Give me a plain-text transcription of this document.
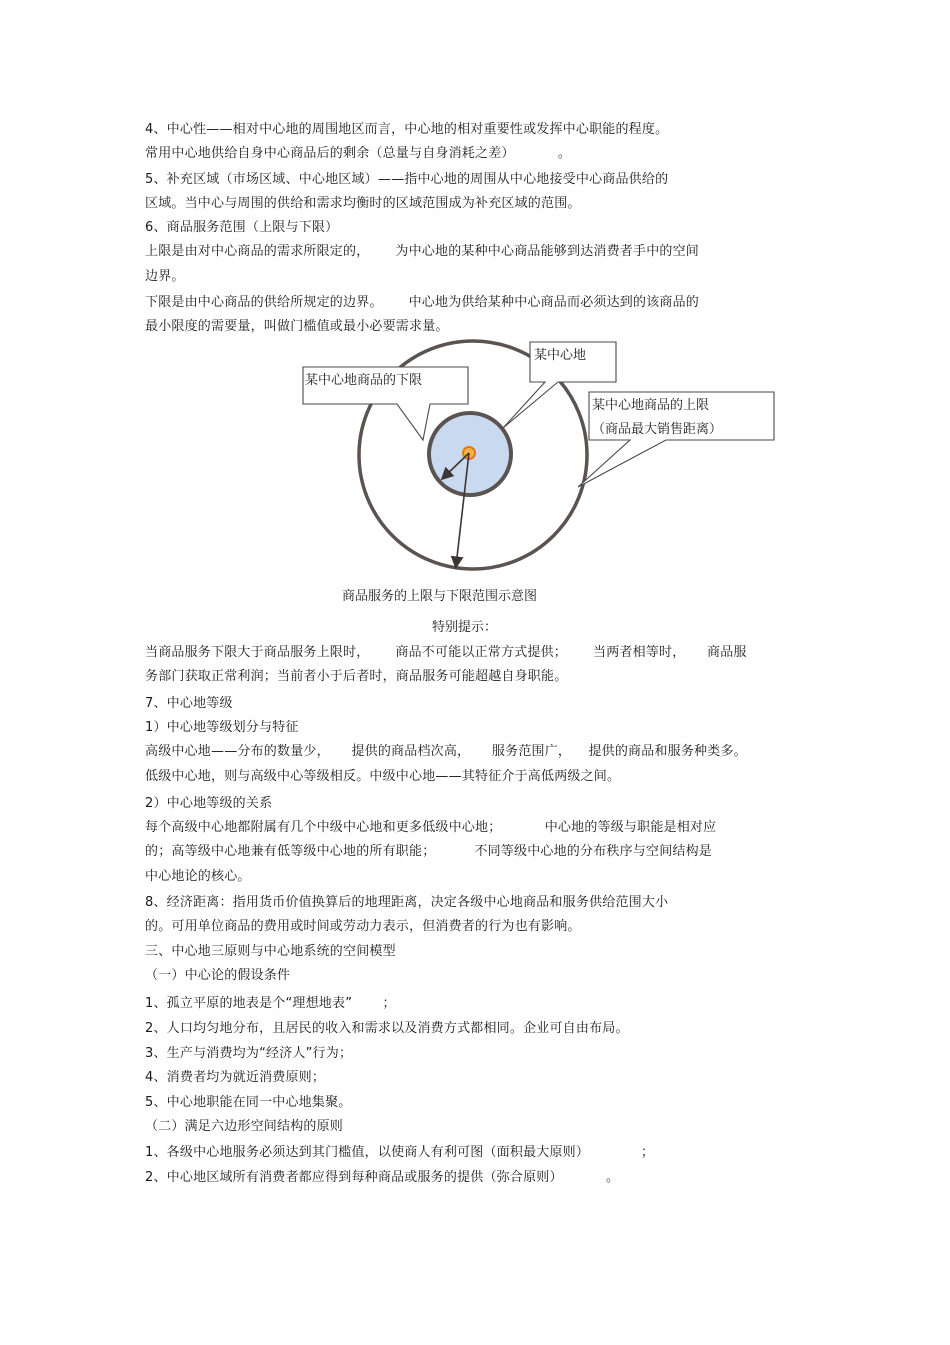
4、中心性——相对中心地的周围地区而言，中心地的相对重要性或发挥中心职能的程度。
常用中心地供给自身中心商品后的剩余（总量与自身消耗之差）          。
5、补充区域（市场区域、中心地区域）——指中心地的周围从中心地接受中心商品供给的
区域。当中心与周围的供给和需求均衡时的区域范围成为补充区域的范围。
6、商品服务范围（上限与下限）
上限是由对中心商品的需求所限定的，      为中心地的某种中心商品能够到达消费者手中的空间
边界。
下限是由中心商品的供给所规定的边界。      中心地为供给某种中心商品而必须达到的该商品的
最小限度的需要量，叫做门槛值或最小必要需求量。
某中心地商品的下限
某中心地
某中心地商品的上限
（商品最大销售距离）
商品服务的上限与下限范围示意图
特别提示：
当商品服务下限大于商品服务上限时，      商品不可能以正常方式提供；      当两者相等时，     商品服
务部门获取正常利润；当前者小于后者时，商品服务可能超越自身职能。
7、中心地等级
1）中心地等级划分与特征
高级中心地——分布的数量少，     提供的商品档次高，     服务范围广，    提供的商品和服务种类多。
低级中心地，则与高级中心等级相反。中级中心地——其特征介于高低两级之间。
2）中心地等级的关系
每个高级中心地都附属有几个中级中心地和更多低级中心地；          中心地的等级与职能是相对应
的；高等级中心地兼有低等级中心地的所有职能；         不同等级中心地的分布秩序与空间结构是
中心地论的核心。
8、经济距离：指用货币价值换算后的地理距离，决定各级中心地商品和服务供给范围大小
的。可用单位商品的费用或时间或劳动力表示，但消费者的行为也有影响。
三、中心地三原则与中心地系统的空间模型
（一）中心论的假设条件
1、孤立平原的地表是个“理想地表”       ；
2、人口均匀地分布，且居民的收入和需求以及消费方式都相同。企业可自由布局。
3、生产与消费均为“经济人”行为；
4、消费者均为就近消费原则；
5、中心地职能在同一中心地集聚。
（二）满足六边形空间结构的原则
1、各级中心地服务必须达到其门槛值，以使商人有利可图（面积最大原则）            ；
2、中心地区域所有消费者都应得到每种商品或服务的提供（弥合原则）          。
